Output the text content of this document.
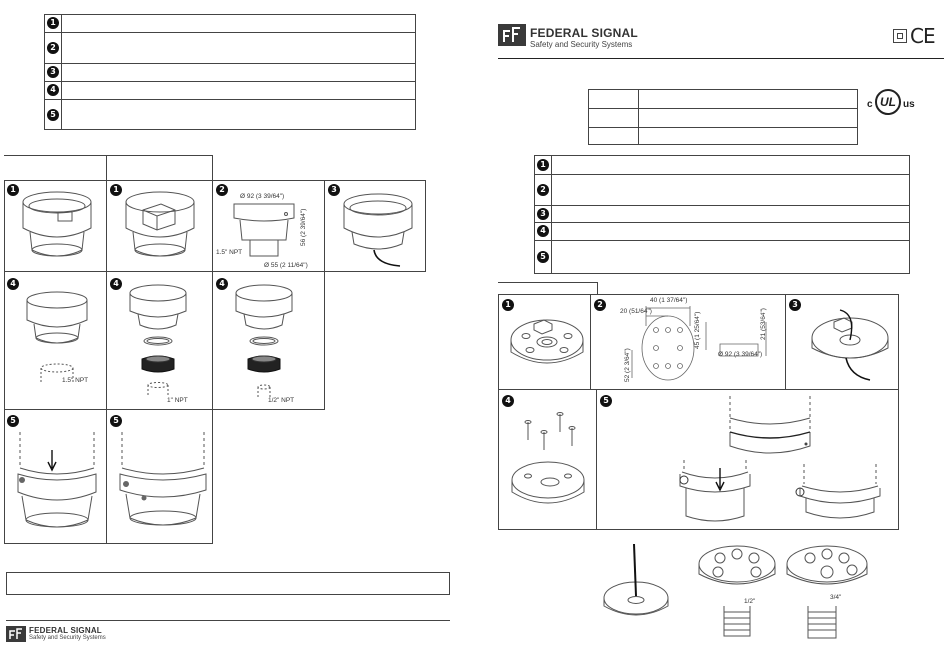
1
2
3
4
5
1	1	2	3
Ø 92 (3 39/64")
56 (2 39/64")
1.5" NPT
Ø 55 (2 11/64")
4	4	4
1.5" NPT
1" NPT	1/2" NPT
5	5
FEDERAL SIGNAL
Safety and Security Systems
FEDERAL SIGNAL
Safety and Security Systems	CE
c UL us
1
2
3
4
5
1	2	3
4	5
40 (1 37/64")
20 (51/64")
45 (1 25/64")
52 (2 3/64")
21 (53/64")
Ø 92 (3 39/64")
1/2"
3/4"
